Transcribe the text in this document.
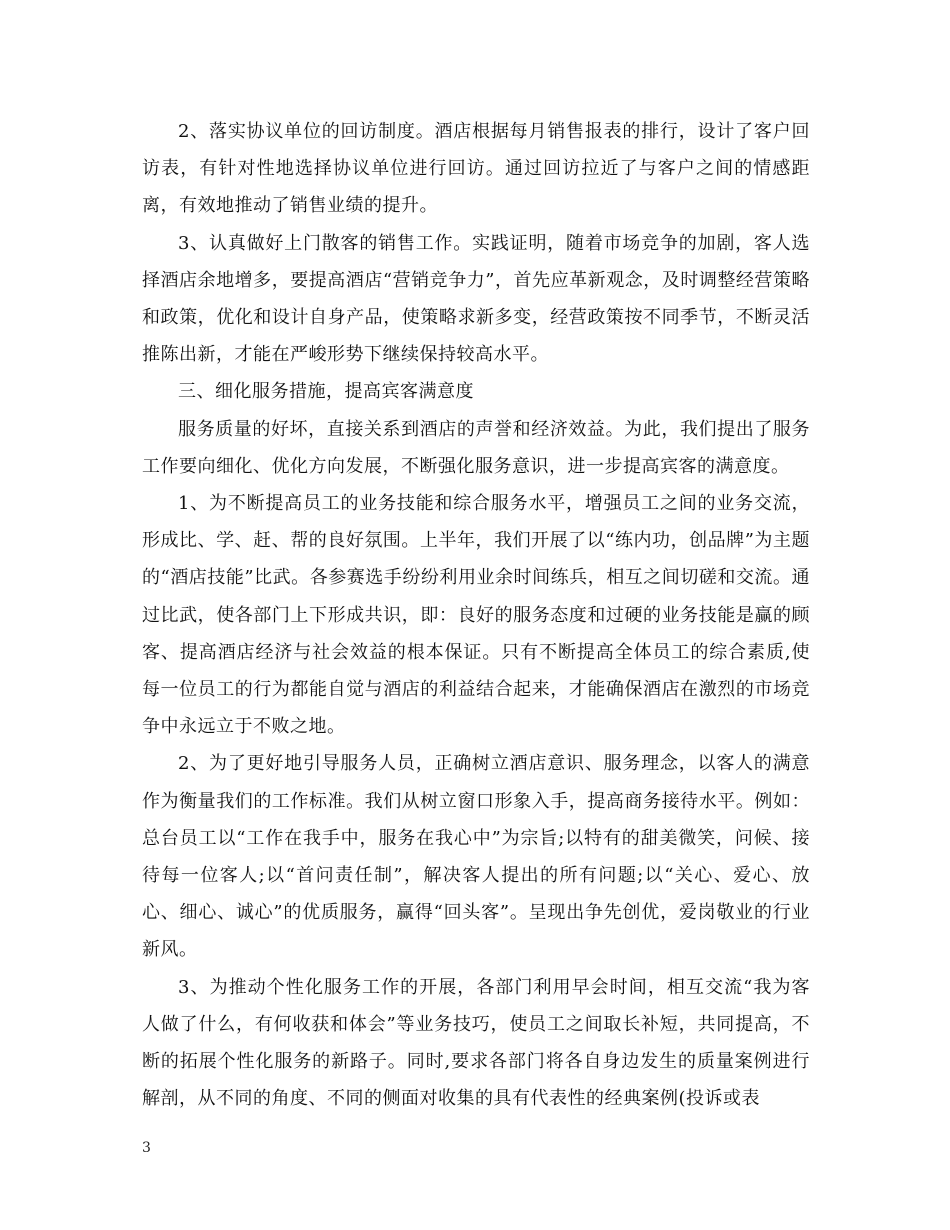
2、落实协议单位的回访制度。酒店根据每月销售报表的排行，设计了客户回访表，有针对性地选择协议单位进行回访。通过回访拉近了与客户之间的情感距离，有效地推动了销售业绩的提升。

3、认真做好上门散客的销售工作。实践证明，随着市场竞争的加剧，客人选择酒店余地增多，要提高酒店“营销竞争力”，首先应革新观念，及时调整经营策略和政策，优化和设计自身产品，使策略求新多变，经营政策按不同季节，不断灵活推陈出新，才能在严峻形势下继续保持较高水平。

三、细化服务措施，提高宾客满意度

服务质量的好坏，直接关系到酒店的声誉和经济效益。为此，我们提出了服务工作要向细化、优化方向发展，不断强化服务意识，进一步提高宾客的满意度。

1、为不断提高员工的业务技能和综合服务水平，增强员工之间的业务交流，形成比、学、赶、帮的良好氛围。上半年，我们开展了以“练内功，创品牌”为主题的“酒店技能”比武。各参赛选手纷纷利用业余时间练兵，相互之间切磋和交流。通过比武，使各部门上下形成共识，即：良好的服务态度和过硬的业务技能是赢的顾客、提高酒店经济与社会效益的根本保证。只有不断提高全体员工的综合素质,使每一位员工的行为都能自觉与酒店的利益结合起来，才能确保酒店在激烈的市场竞争中永远立于不败之地。

2、为了更好地引导服务人员，正确树立酒店意识、服务理念，以客人的满意作为衡量我们的工作标准。我们从树立窗口形象入手，提高商务接待水平。例如：总台员工以“工作在我手中，服务在我心中”为宗旨;以特有的甜美微笑，问候、接待每一位客人;以“首问责任制”，解决客人提出的所有问题;以“关心、爱心、放心、细心、诚心”的优质服务，赢得“回头客”。呈现出争先创优，爱岗敬业的行业新风。

3、为推动个性化服务工作的开展，各部门利用早会时间，相互交流“我为客人做了什么，有何收获和体会”等业务技巧，使员工之间取长补短，共同提高，不断的拓展个性化服务的新路子。同时,要求各部门将各自身边发生的质量案例进行解剖，从不同的角度、不同的侧面对收集的具有代表性的经典案例(投诉或表

3
